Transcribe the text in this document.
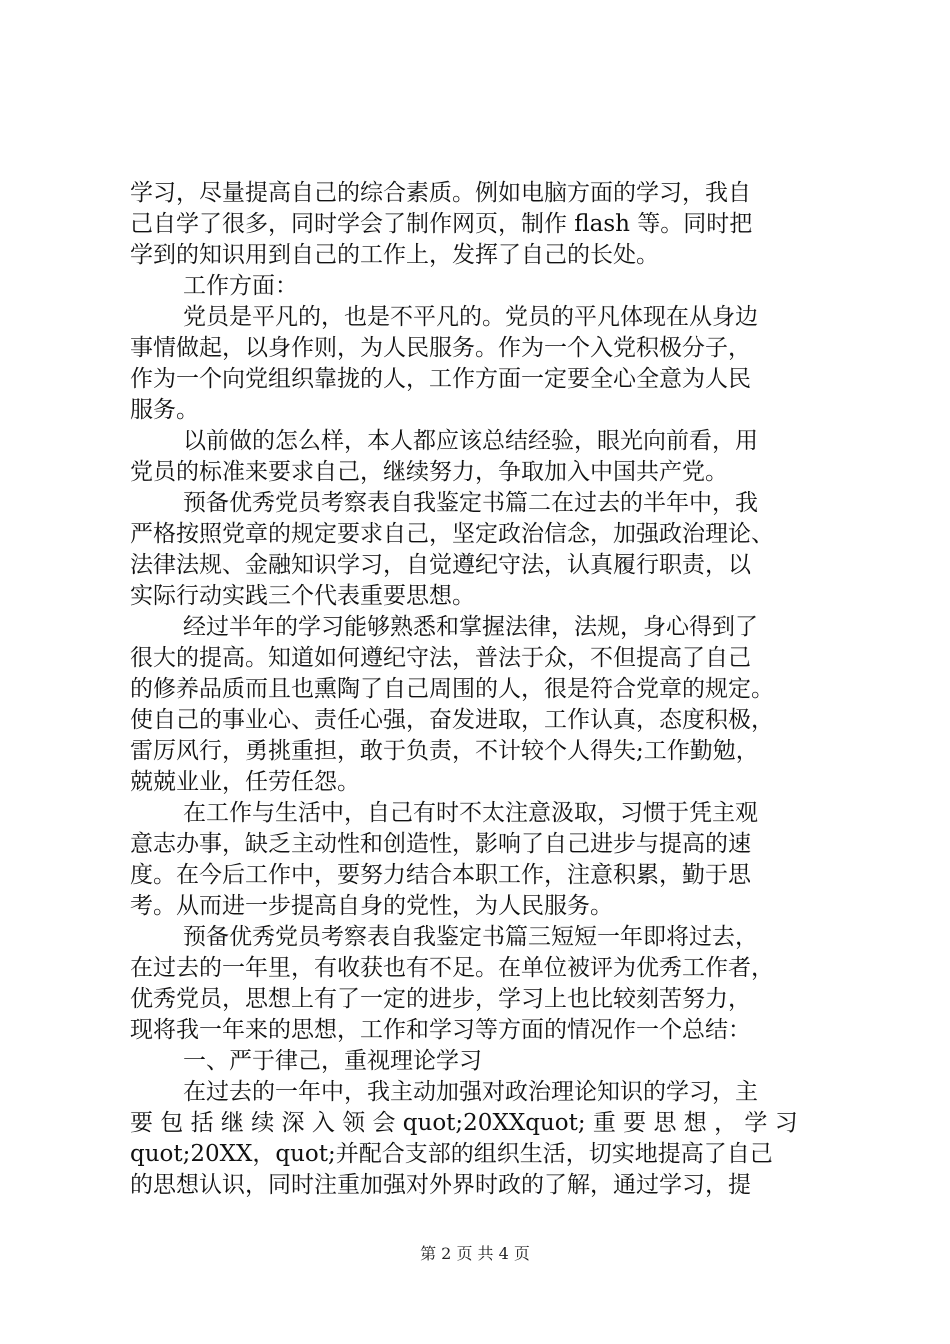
学习，尽量提高自己的综合素质。例如电脑方面的学习，我自
己自学了很多，同时学会了制作网页，制作 flash 等。同时把
学到的知识用到自己的工作上，发挥了自己的长处。
工作方面：
党员是平凡的，也是不平凡的。党员的平凡体现在从身边
事情做起，以身作则，为人民服务。作为一个入党积极分子，
作为一个向党组织靠拢的人，工作方面一定要全心全意为人民
服务。
以前做的怎么样，本人都应该总结经验，眼光向前看，用
党员的标准来要求自己，继续努力，争取加入中国共产党。
预备优秀党员考察表自我鉴定书篇二在过去的半年中，我
严格按照党章的规定要求自己，坚定政治信念，加强政治理论、
法律法规、金融知识学习，自觉遵纪守法，认真履行职责，以
实际行动实践三个代表重要思想。
经过半年的学习能够熟悉和掌握法律，法规，身心得到了
很大的提高。知道如何遵纪守法，普法于众，不但提高了自己
的修养品质而且也熏陶了自己周围的人，很是符合党章的规定。
使自己的事业心、责任心强，奋发进取，工作认真，态度积极，
雷厉风行，勇挑重担，敢于负责，不计较个人得失;工作勤勉，
兢兢业业，任劳任怨。
在工作与生活中，自己有时不太注意汲取，习惯于凭主观
意志办事，缺乏主动性和创造性，影响了自己进步与提高的速
度。在今后工作中，要努力结合本职工作，注意积累，勤于思
考。从而进一步提高自身的党性，为人民服务。
预备优秀党员考察表自我鉴定书篇三短短一年即将过去，
在过去的一年里，有收获也有不足。在单位被评为优秀工作者，
优秀党员，思想上有了一定的进步，学习上也比较刻苦努力，
现将我一年来的思想，工作和学习等方面的情况作一个总结：
一、严于律己，重视理论学习
在过去的一年中，我主动加强对政治理论知识的学习，主
要 包 括 继 续 深 入 领 会 quot;20XXquot; 重 要 思 想 ， 学 习
quot;20XX，quot;并配合支部的组织生活，切实地提高了自己
的思想认识，同时注重加强对外界时政的了解，通过学习，提
第 2 页 共 4 页
